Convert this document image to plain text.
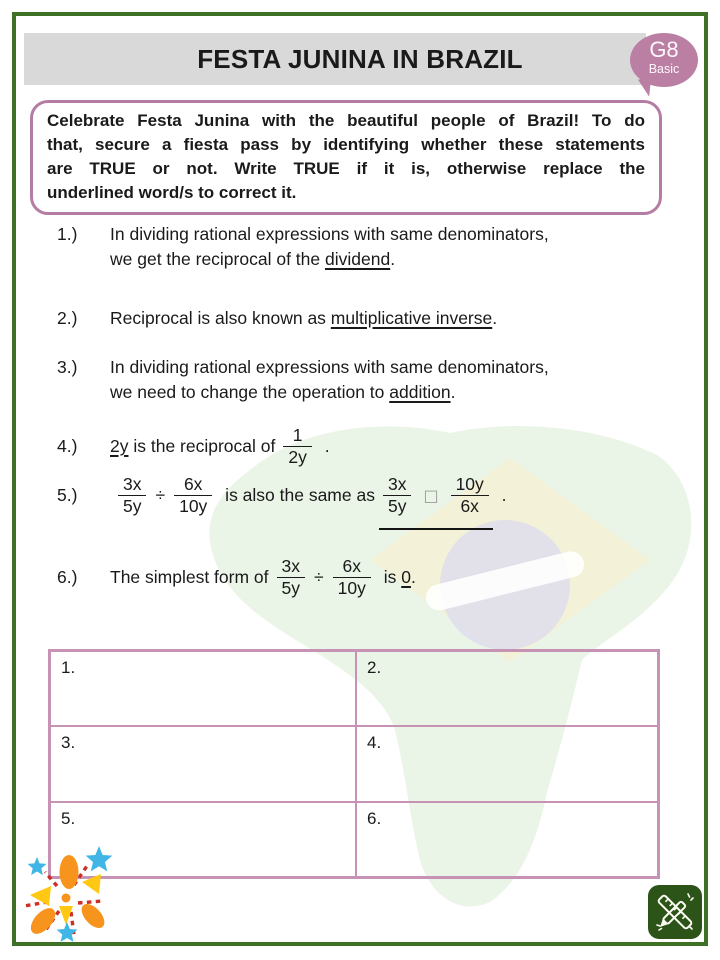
FESTA JUNINA IN BRAZIL	G8
Basic
Celebrate Festa Junina with the beautiful people of Brazil! To do
that, secure a fiesta pass by identifying whether these statements
are TRUE or not. Write TRUE if it is, otherwise replace the
underlined word/s to correct it.
1.)	In dividing rational expressions with same denominators,
we get the reciprocal of the dividend.
2.)	Reciprocal is also known as multiplicative inverse.
3.)	In dividing rational expressions with same denominators,
we need to change the operation to addition.
4.)	2y is the reciprocal of $\frac{1}{2y}$ .
5.)	$\frac{3x}{5y} \div \frac{6x}{10y}$ is also the same as $\frac{3x}{5y}$ □ $\frac{10y}{6x}$ .
6.)	The simplest form of $\frac{3x}{5y} \div \frac{6x}{10y}$ is 0 .
1.	2.
3.	4.
5.	6.
